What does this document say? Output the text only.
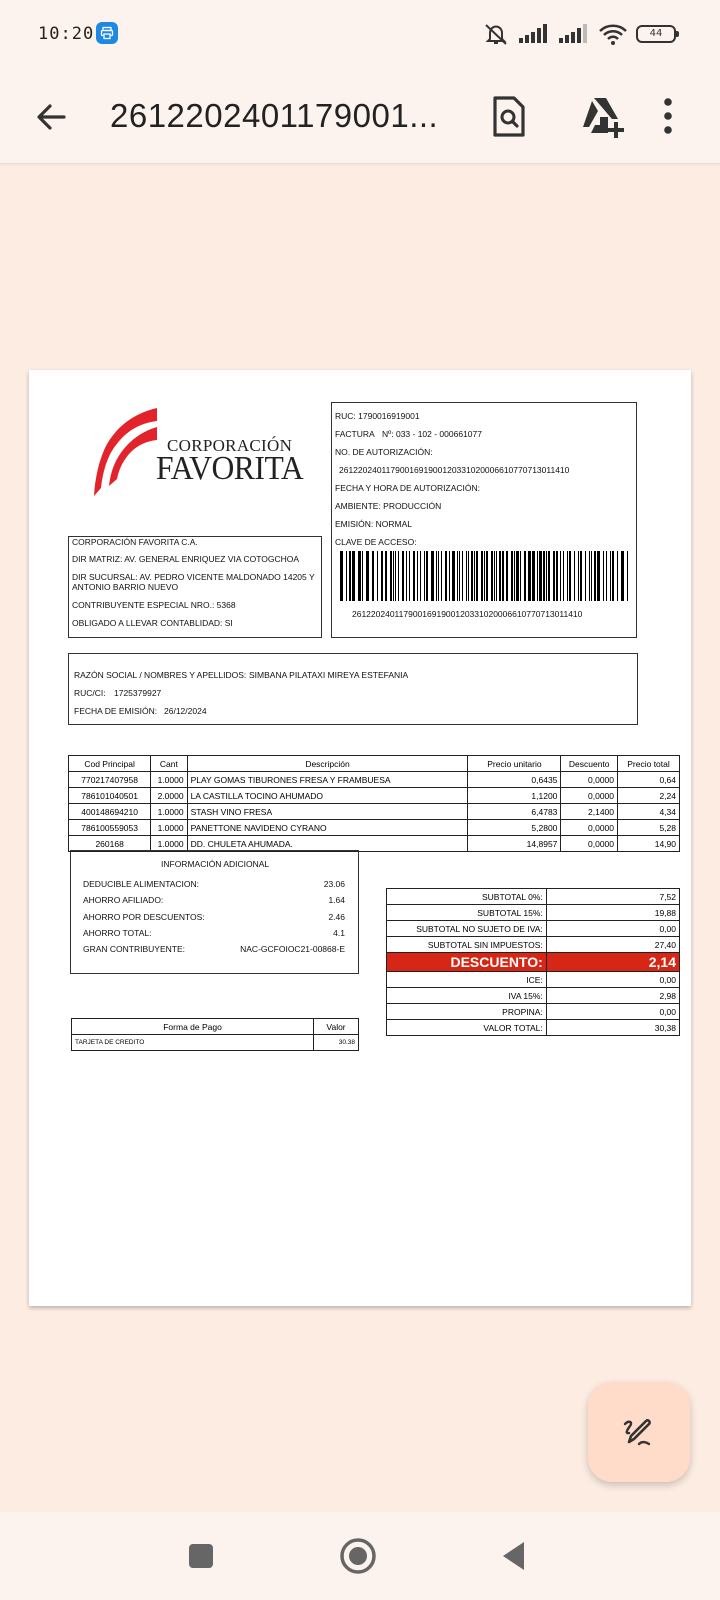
10:20	44
2612202401179001...
CORPORACIÓN
FAVORITA
RUC: 1790016919001
FACTURA Nº: 033 - 102 - 000661077
NO. DE AUTORIZACIÓN:
2612202401179001691900120331020006610770713011410
FECHA Y HORA DE AUTORIZACIÓN:
AMBIENTE: PRODUCCIÓN
EMISIÓN: NORMAL
CLAVE DE ACCESO:
2612202401179001691900120331020006610770713011410
CORPORACIÓN FAVORITA C.A.
DIR MATRIZ: AV. GENERAL ENRIQUEZ VIA COTOGCHOA
DIR SUCURSAL: AV. PEDRO VICENTE MALDONADO 14205 Y
ANTONIO BARRIO NUEVO
CONTRIBUYENTE ESPECIAL NRO.: 5368
OBLIGADO A LLEVAR CONTABLIDAD: SI
RAZÓN SOCIAL / NOMBRES Y APELLIDOS: SIMBANA PILATAXI MIREYA ESTEFANIA
RUC/CI: 1725379927
FECHA DE EMISIÓN: 26/12/2024
Cod Principal	Cant	Descripción	Precio unitario	Descuento	Precio total
770217407958	1.0000	PLAY GOMAS TIBURONES FRESA Y FRAMBUESA	0,6435	0,0000	0,64
786101040501	2.0000	LA CASTILLA TOCINO AHUMADO	1,1200	0,0000	2,24
400148694210	1.0000	STASH VINO FRESA	6,4783	2,1400	4,34
786100559053	1.0000	PANETTONE NAVIDENO CYRANO	5,2800	0,0000	5,28
260168	1.0000	DD. CHULETA AHUMADA.	14,8957	0,0000	14,90
INFORMACIÓN ADICIONAL
DEDUCIBLE ALIMENTACION:	23.06
AHORRO AFILIADO:	1.64
AHORRO POR DESCUENTOS:	2.46
AHORRO TOTAL:	4.1
GRAN CONTRIBUYENTE:	NAC-GCFOIOC21-00868-E
SUBTOTAL 0%:	7,52
SUBTOTAL 15%:	19,88
SUBTOTAL NO SUJETO DE IVA:	0,00
SUBTOTAL SIN IMPUESTOS:	27,40
DESCUENTO:	2,14
ICE:	0,00
IVA 15%:	2,98
PROPINA:	0,00
VALOR TOTAL:	30,38
Forma de Pago	Valor
TARJETA DE CREDITO	30.38
